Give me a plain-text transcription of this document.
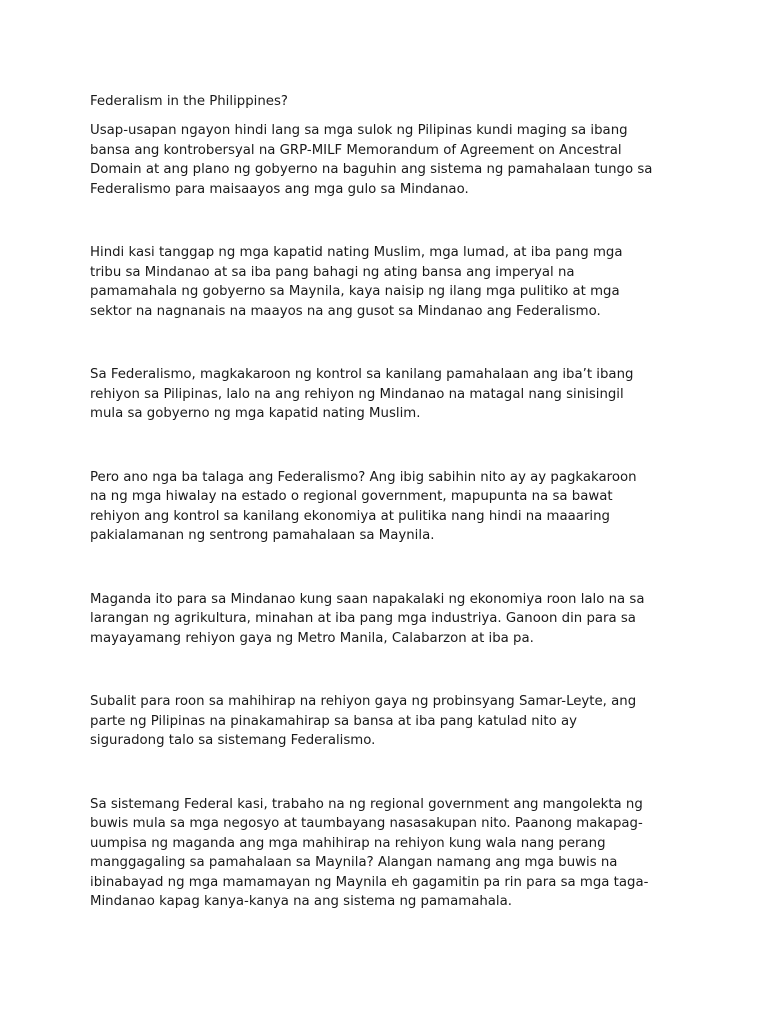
Federalism in the Philippines?

Usap-usapan ngayon hindi lang sa mga sulok ng Pilipinas kundi maging sa ibang
bansa ang kontrobersyal na GRP-MILF Memorandum of Agreement on Ancestral
Domain at ang plano ng gobyerno na baguhin ang sistema ng pamahalaan tungo sa
Federalismo para maisaayos ang mga gulo sa Mindanao.

Hindi kasi tanggap ng mga kapatid nating Muslim, mga lumad, at iba pang mga
tribu sa Mindanao at sa iba pang bahagi ng ating bansa ang imperyal na
pamamahala ng gobyerno sa Maynila, kaya naisip ng ilang mga pulitiko at mga
sektor na nagnanais na maayos na ang gusot sa Mindanao ang Federalismo.

Sa Federalismo, magkakaroon ng kontrol sa kanilang pamahalaan ang iba’t ibang
rehiyon sa Pilipinas, lalo na ang rehiyon ng Mindanao na matagal nang sinisingil
mula sa gobyerno ng mga kapatid nating Muslim.

Pero ano nga ba talaga ang Federalismo? Ang ibig sabihin nito ay ay pagkakaroon
na ng mga hiwalay na estado o regional government, mapupunta na sa bawat
rehiyon ang kontrol sa kanilang ekonomiya at pulitika nang hindi na maaaring
pakialamanan ng sentrong pamahalaan sa Maynila.

Maganda ito para sa Mindanao kung saan napakalaki ng ekonomiya roon lalo na sa
larangan ng agrikultura, minahan at iba pang mga industriya. Ganoon din para sa
mayayamang rehiyon gaya ng Metro Manila, Calabarzon at iba pa.

Subalit para roon sa mahihirap na rehiyon gaya ng probinsyang Samar-Leyte, ang
parte ng Pilipinas na pinakamahirap sa bansa at iba pang katulad nito ay
siguradong talo sa sistemang Federalismo.

Sa sistemang Federal kasi, trabaho na ng regional government ang mangolekta ng
buwis mula sa mga negosyo at taumbayang nasasakupan nito. Paanong makapag-
uumpisa ng maganda ang mga mahihirap na rehiyon kung wala nang perang
manggagaling sa pamahalaan sa Maynila? Alangan namang ang mga buwis na
ibinabayad ng mga mamamayan ng Maynila eh gagamitin pa rin para sa mga taga-
Mindanao kapag kanya-kanya na ang sistema ng pamamahala.
